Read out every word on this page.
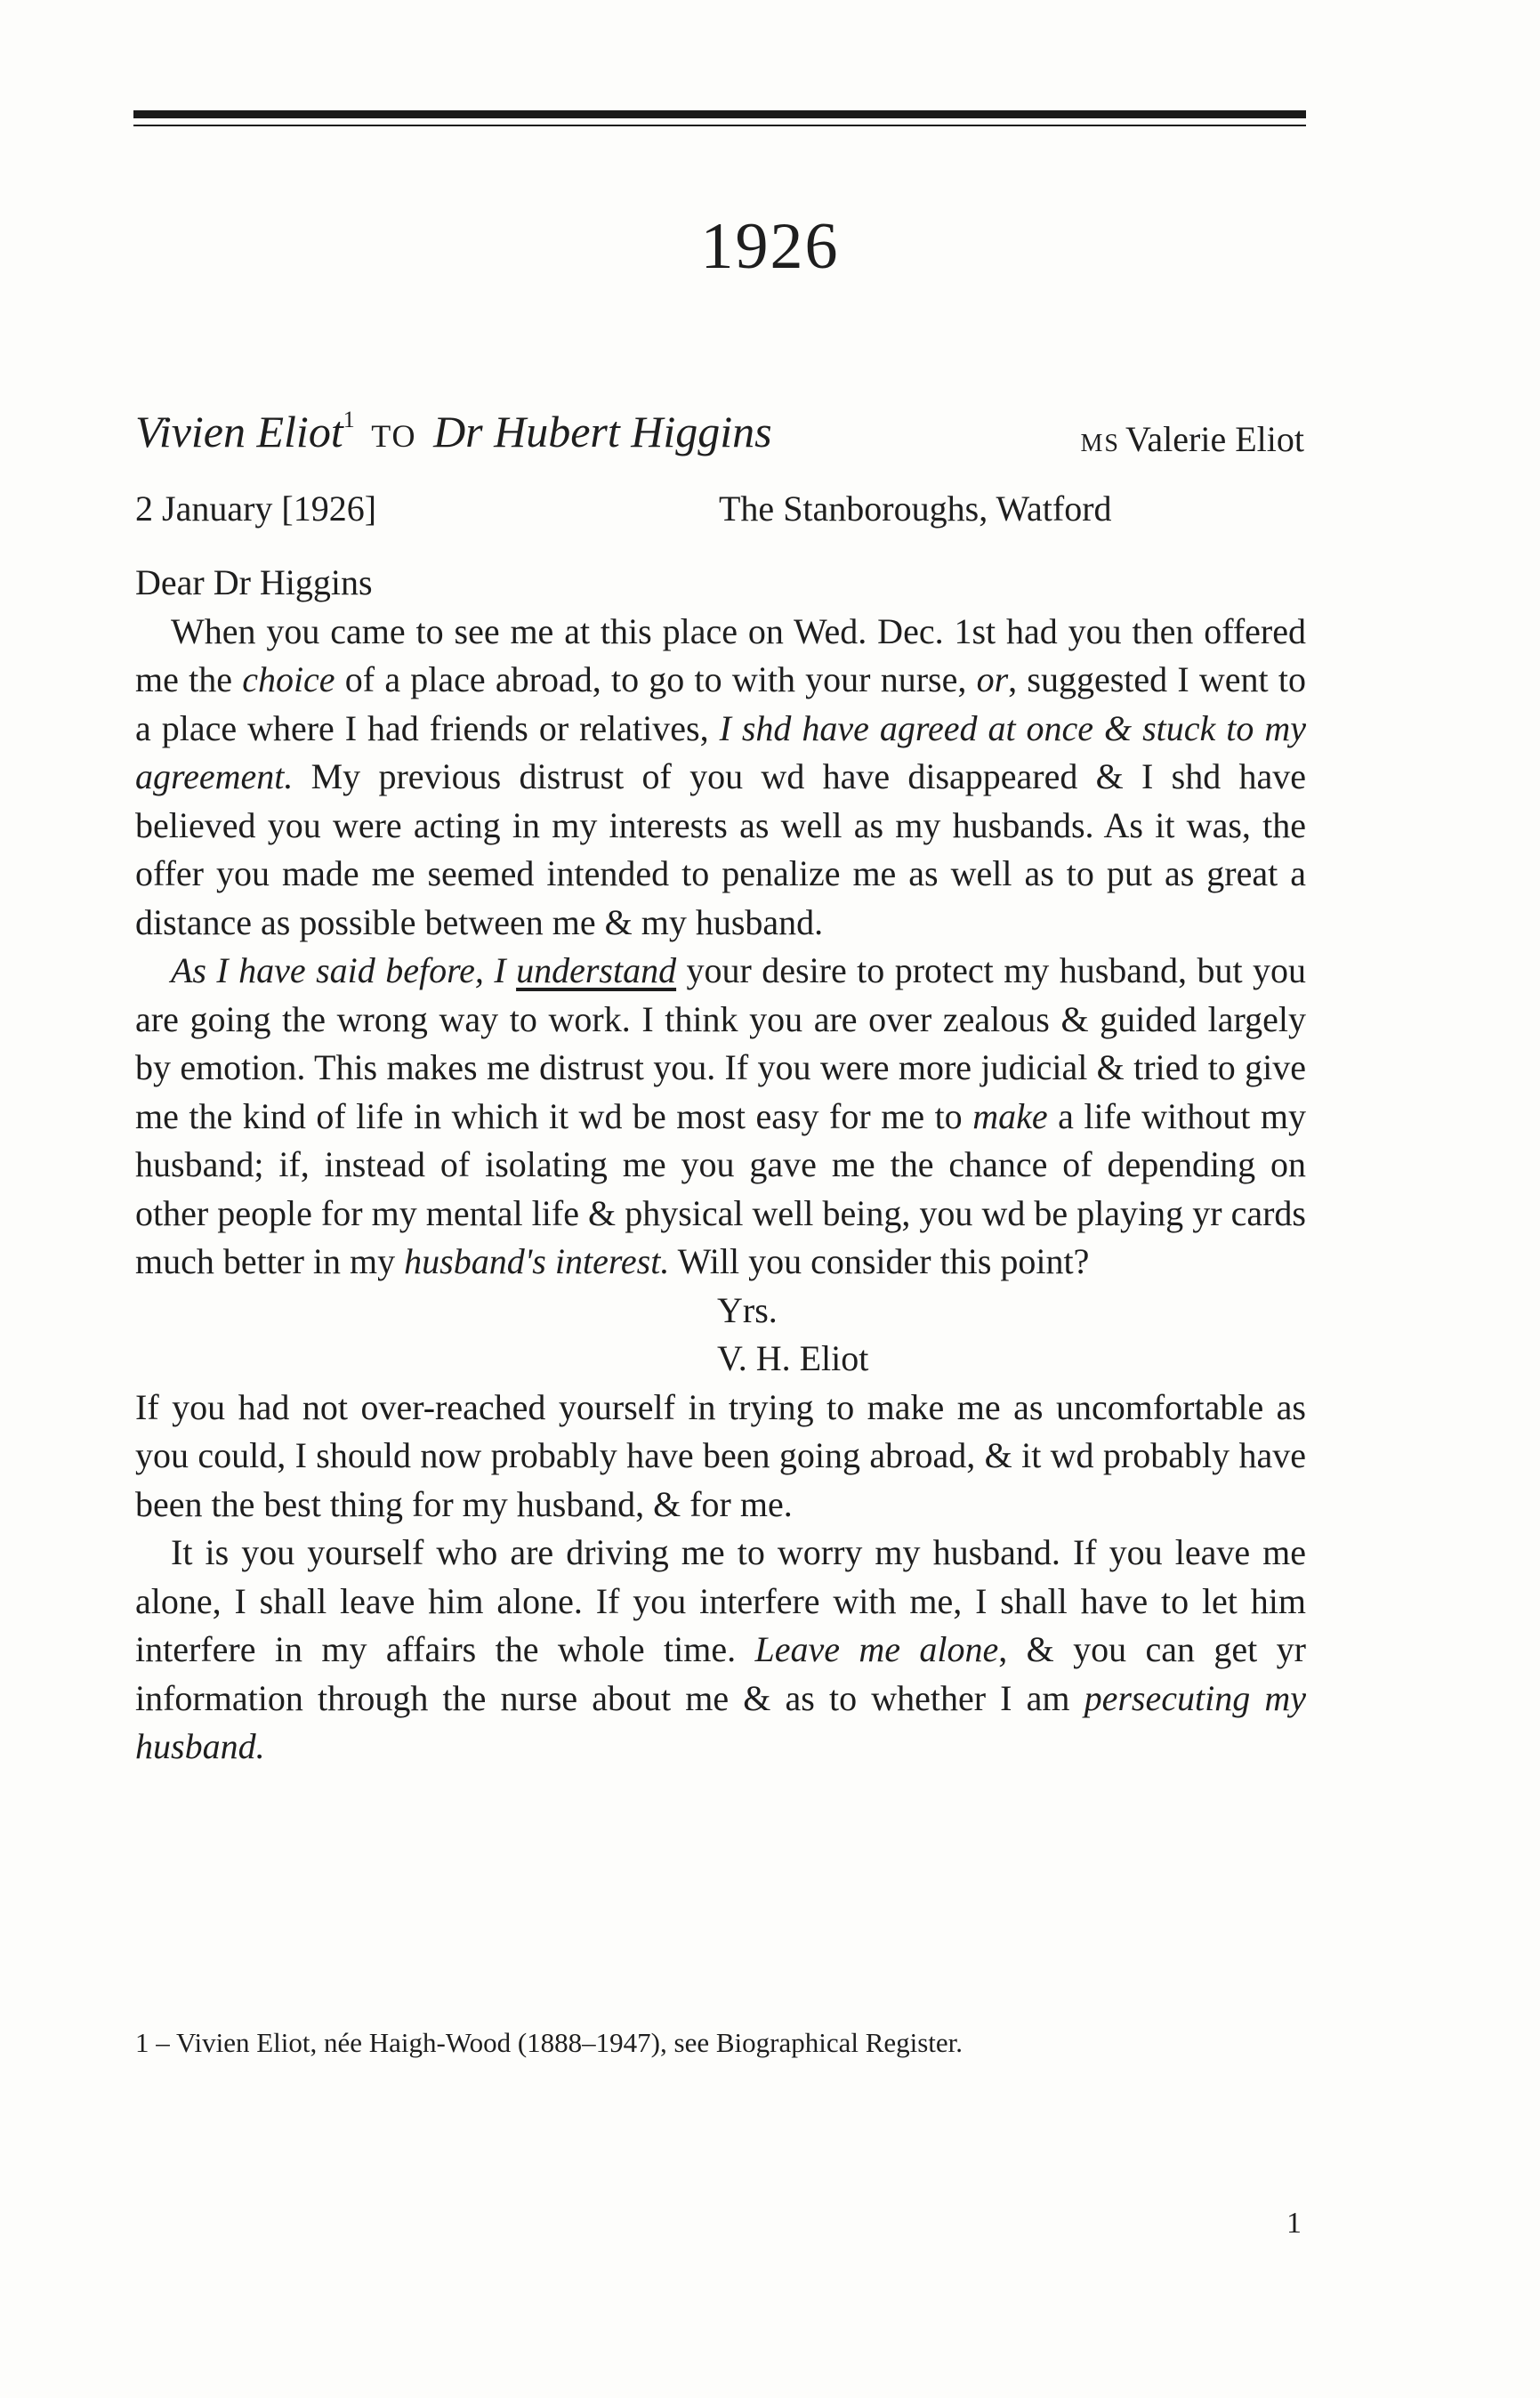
1926
Vivien Eliot$^1$ TO Dr Hubert Higgins	MS Valerie Eliot
2 January [1926]	The Stanboroughs, Watford

Dear Dr Higgins

When you came to see me at this place on Wed. Dec. 1st had you then offered me the choice of a place abroad, to go to with your nurse, or, suggested I went to a place where I had friends or relatives, I shd have agreed at once & stuck to my agreement. My previous distrust of you wd have disappeared & I shd have believed you were acting in my interests as well as my husbands. As it was, the offer you made me seemed intended to penalize me as well as to put as great a distance as possible between me & my husband.

As I have said before, I understand your desire to protect my husband, but you are going the wrong way to work. I think you are over zealous & guided largely by emotion. This makes me distrust you. If you were more judicial & tried to give me the kind of life in which it wd be most easy for me to make a life without my husband; if, instead of isolating me you gave me the chance of depending on other people for my mental life & physical well being, you wd be playing yr cards much better in my husband's interest. Will you consider this point?

Yrs.

V. H. Eliot

If you had not over-reached yourself in trying to make me as uncomfortable as you could, I should now probably have been going abroad, & it wd probably have been the best thing for my husband, & for me.

It is you yourself who are driving me to worry my husband. If you leave me alone, I shall leave him alone. If you interfere with me, I shall have to let him interfere in my affairs the whole time. Leave me alone, & you can get yr information through the nurse about me & as to whether I am persecuting my husband.

1 – Vivien Eliot, née Haigh-Wood (1888–1947), see Biographical Register.
1
